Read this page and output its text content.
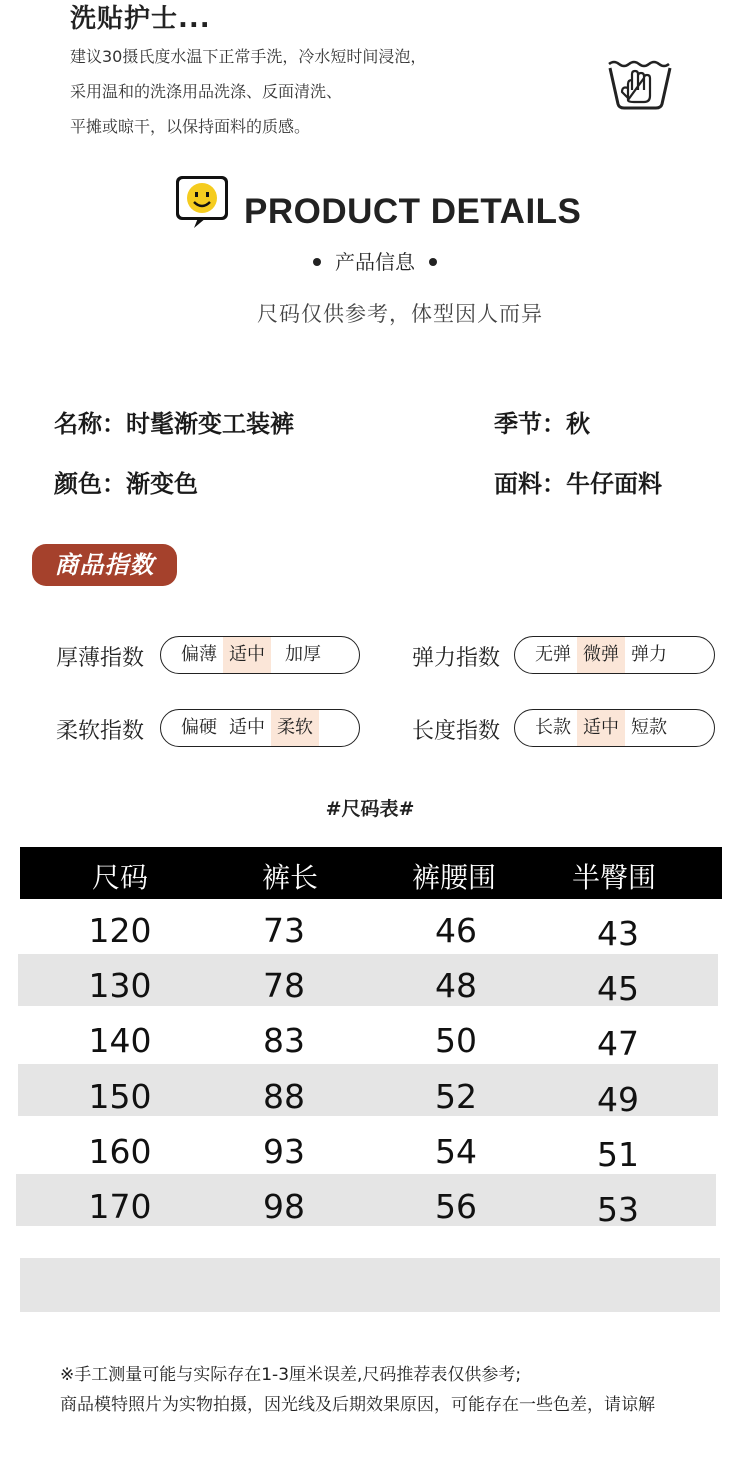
洗贴护士...
建议30摄氏度水温下正常手洗，冷水短时间浸泡，
采用温和的洗涤用品洗涤、反面清洗、
平摊或晾干，以保持面料的质感。
PRODUCT DETAILS
产品信息
尺码仅供参考，体型因人而异
名称：时髦渐变工装裤	季节：秋
颜色：渐变色	面料：牛仔面料
商品指数
厚薄指数	偏薄 适中	加厚	弹力指数	无弹 微弹 弹力
柔软指数	偏硬 适中 柔软	长度指数	长款 适中 短款
#尺码表#
尺码	裤长	裤腰围	半臀围
120	73	46	43
130	78	48	45
140	83	50	47
150	88	52	49
160	93	54	51
170	98	56	53
※手工测量可能与实际存在1-3厘米误差,尺码推荐表仅供参考;
商品模特照片为实物拍摄，因光线及后期效果原因，可能存在一些色差，请谅解
